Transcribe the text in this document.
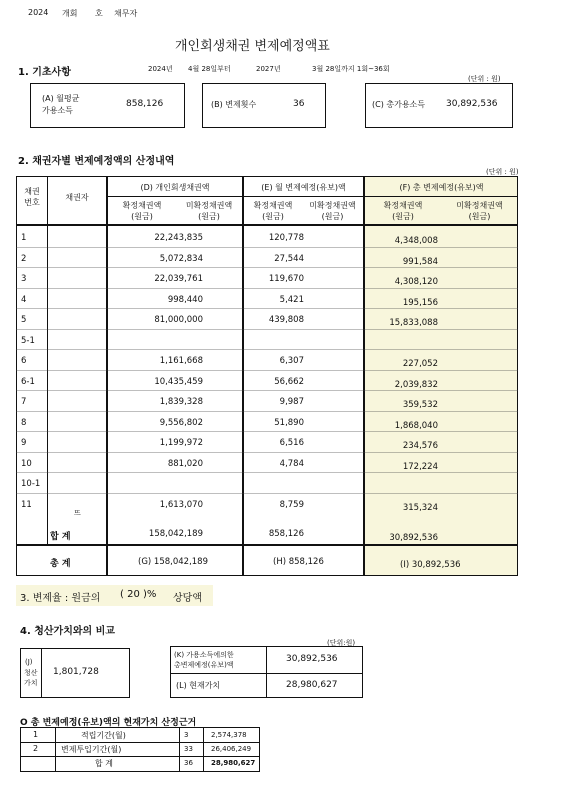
2024 개회 호 채무자
개인회생채권 변제예정액표
1. 기초사항	2024년 4월 28일부터	2027년	3월 28일까지 1회~36회
(단위 : 원)
(A) 월평균
가용소득
858,126	(B) 변제횟수	36	(C) 총가용소득 30,892,536
2. 채권자별 변제예정액의 산정내역
(단위 : 원)
채권
번호
채권자
(D) 개인회생채권액	(E) 월 변제예정(유보)액	(F) 총 변제예정(유보)액
확정채권액
(원금)
미확정채권액
(원금)
확정채권액
(원금)
미확정채권액
(원금)
확정채권액
(원금)
미확정채권액
(원금)
1	22,243,835	120,778	4,348,008
2	5,072,834	27,544	991,584
3	22,039,761	119,670	4,308,120
4	998,440	5,421	195,156
5	81,000,000	439,808	15,833,088
5-1
6	1,161,668	6,307	227,052
6-1	10,435,459	56,662	2,039,832
7	1,839,328	9,987	359,532
8	9,556,802	51,890	1,868,040
9	1,199,972	6,516	234,576
10	881,020	4,784	172,224
10-1
11	1,613,070	8,759	315,324
뜨
합 계	158,042,189	858,126	30,892,536
총 계	(G) 158,042,189	(H) 858,126	(I) 30,892,536
3. 변제율 : 원금의 ( 20 )% 상당액
4. 청산가치와의 비교
(단위:원)
(J)
청산
가치
1,801,728
(K) 가용소득에의한
총변제예정(유보)액
30,892,536
(L) 현재가치	28,980,627
O 총 변제예정(유보)액의 현재가치 산정근거
1	적립기간(월)	3	2,574,378
2	변제투입기간(월)	33	26,406,249
합 계	36	28,980,627
